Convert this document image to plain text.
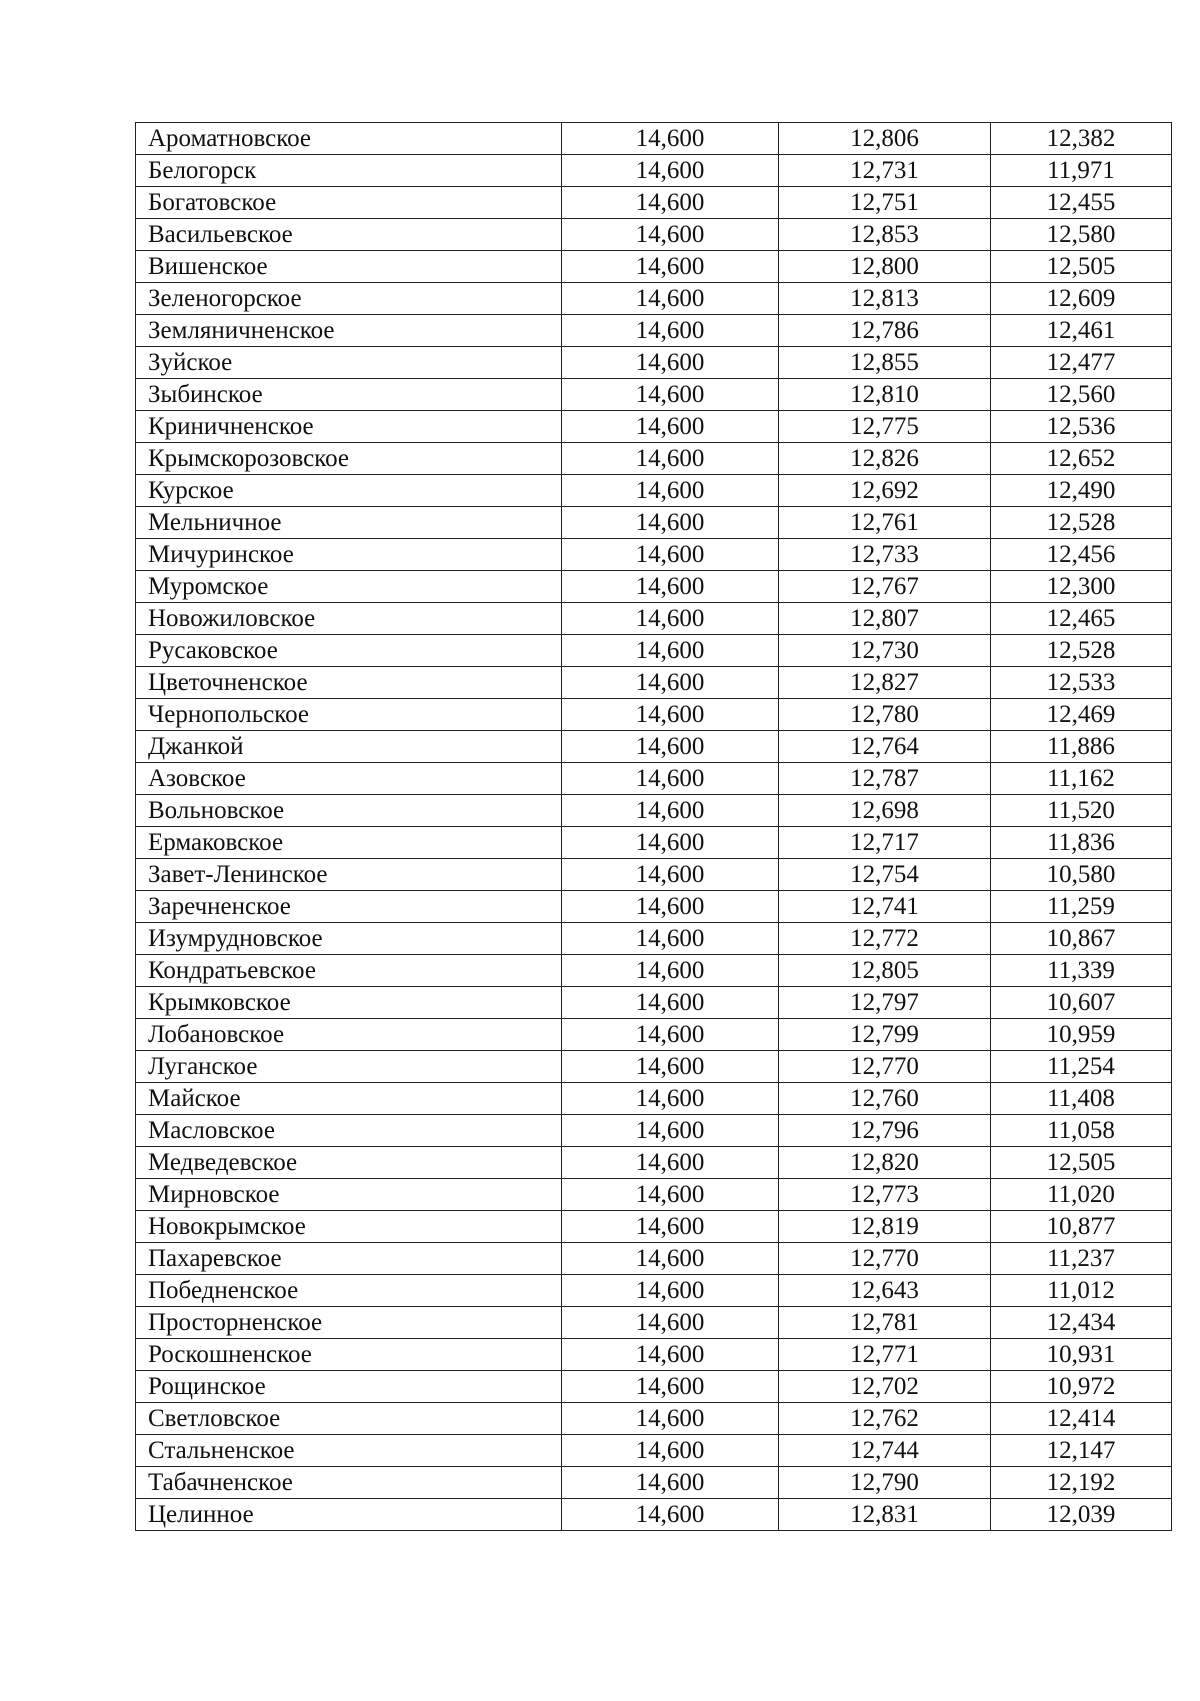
Ароматновское	14,600	12,806	12,382
Белогорск	14,600	12,731	11,971
Богатовское	14,600	12,751	12,455
Васильевское	14,600	12,853	12,580
Вишенское	14,600	12,800	12,505
Зеленогорское	14,600	12,813	12,609
Земляничненское	14,600	12,786	12,461
Зуйское	14,600	12,855	12,477
Зыбинское	14,600	12,810	12,560
Криничненское	14,600	12,775	12,536
Крымскорозовское	14,600	12,826	12,652
Курское	14,600	12,692	12,490
Мельничное	14,600	12,761	12,528
Мичуринское	14,600	12,733	12,456
Муромское	14,600	12,767	12,300
Новожиловское	14,600	12,807	12,465
Русаковское	14,600	12,730	12,528
Цветочненское	14,600	12,827	12,533
Чернопольское	14,600	12,780	12,469
Джанкой	14,600	12,764	11,886
Азовское	14,600	12,787	11,162
Вольновское	14,600	12,698	11,520
Ермаковское	14,600	12,717	11,836
Завет-Ленинское	14,600	12,754	10,580
Заречненское	14,600	12,741	11,259
Изумрудновское	14,600	12,772	10,867
Кондратьевское	14,600	12,805	11,339
Крымковское	14,600	12,797	10,607
Лобановское	14,600	12,799	10,959
Луганское	14,600	12,770	11,254
Майское	14,600	12,760	11,408
Масловское	14,600	12,796	11,058
Медведевское	14,600	12,820	12,505
Мирновское	14,600	12,773	11,020
Новокрымское	14,600	12,819	10,877
Пахаревское	14,600	12,770	11,237
Победненское	14,600	12,643	11,012
Просторненское	14,600	12,781	12,434
Роскошненское	14,600	12,771	10,931
Рощинское	14,600	12,702	10,972
Светловское	14,600	12,762	12,414
Стальненское	14,600	12,744	12,147
Табачненское	14,600	12,790	12,192
Целинное	14,600	12,831	12,039
